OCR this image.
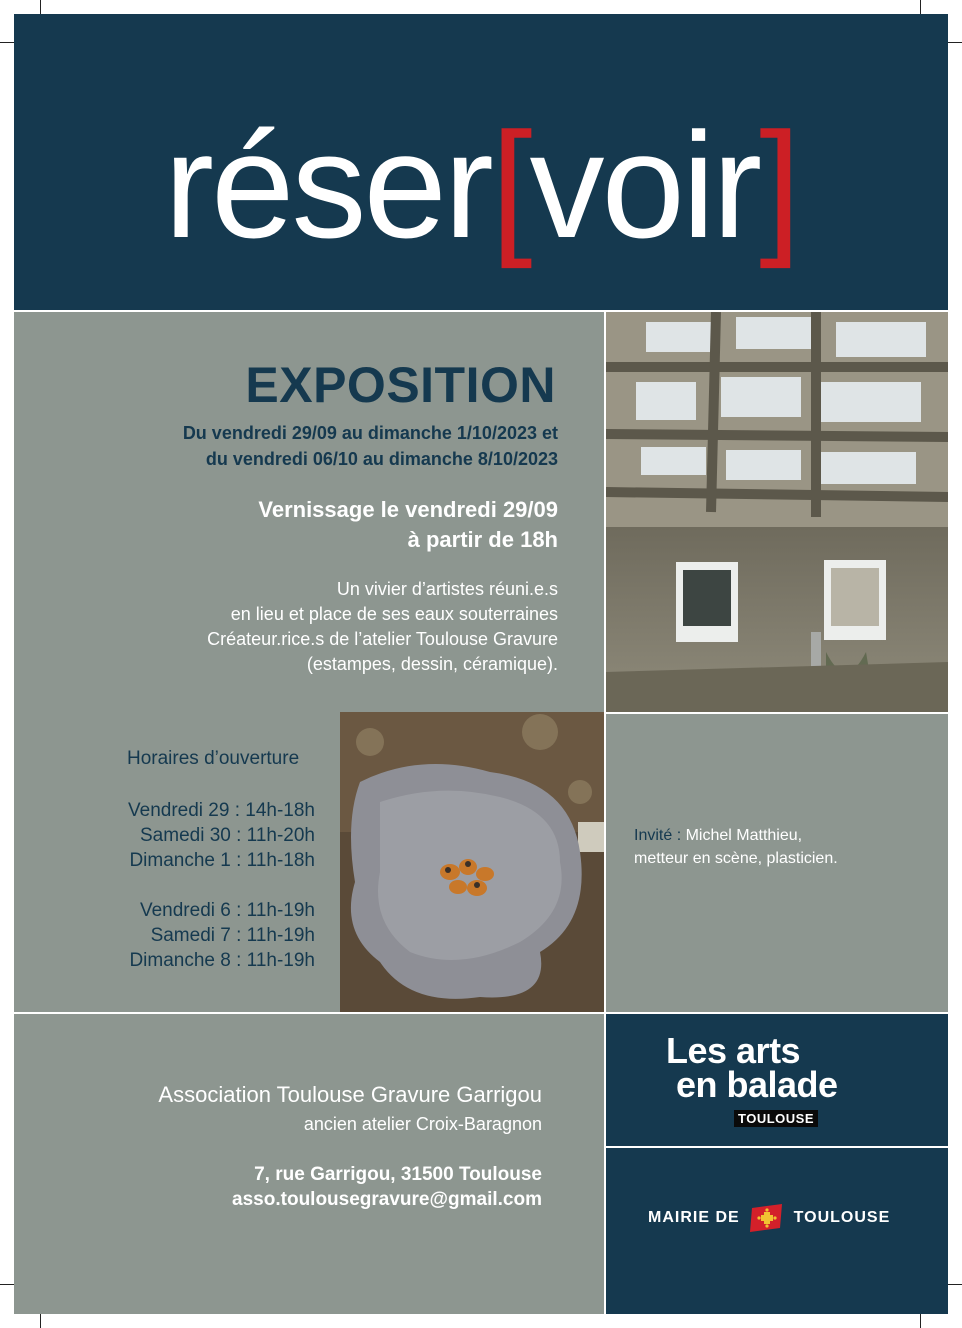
réser[voir]
EXPOSITION
Du vendredi 29/09 au dimanche 1/10/2023 et
du vendredi 06/10 au dimanche 8/10/2023
Vernissage le vendredi 29/09
à partir de 18h
Un vivier d’artistes réuni.e.s
en lieu et place de ses eaux souterraines
Créateur.rice.s de l’atelier Toulouse Gravure
(estampes, dessin, céramique).
Horaires d’ouverture
Vendredi 29 : 14h-18h
Samedi 30 : 11h-20h
Dimanche 1 : 11h-18h
Vendredi 6 : 11h-19h
Samedi 7 : 11h-19h
Dimanche 8 : 11h-19h
Invité : Michel Matthieu,
metteur en scène, plasticien.
Association Toulouse Gravure Garrigou
ancien atelier Croix-Baragnon
7, rue Garrigou, 31500 Toulouse
asso.toulousegravure@gmail.com
Les arts
en balade
TOULOUSE
MAIRIE DE	TOULOUSE
